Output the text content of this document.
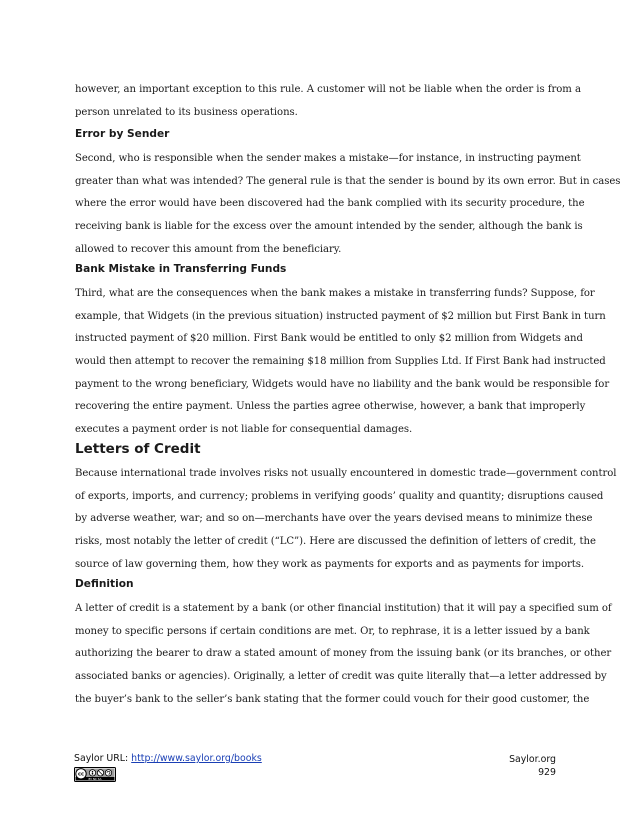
however, an important exception to this rule. A customer will not be liable when the order is from a
person unrelated to its business operations.
Error by Sender
Second, who is responsible when the sender makes a mistake—for instance, in instructing payment
greater than what was intended? The general rule is that the sender is bound by its own error. But in cases
where the error would have been discovered had the bank complied with its security procedure, the
receiving bank is liable for the excess over the amount intended by the sender, although the bank is
allowed to recover this amount from the beneficiary.
Bank Mistake in Transferring Funds
Third, what are the consequences when the bank makes a mistake in transferring funds? Suppose, for
example, that Widgets (in the previous situation) instructed payment of $2 million but First Bank in turn
instructed payment of $20 million. First Bank would be entitled to only $2 million from Widgets and
would then attempt to recover the remaining $18 million from Supplies Ltd. If First Bank had instructed
payment to the wrong beneficiary, Widgets would have no liability and the bank would be responsible for
recovering the entire payment. Unless the parties agree otherwise, however, a bank that improperly
executes a payment order is not liable for consequential damages.
Letters of Credit
Because international trade involves risks not usually encountered in domestic trade—government control
of exports, imports, and currency; problems in verifying goods’ quality and quantity; disruptions caused
by adverse weather, war; and so on—merchants have over the years devised means to minimize these
risks, most notably the letter of credit (“LC”). Here are discussed the definition of letters of credit, the
source of law governing them, how they work as payments for exports and as payments for imports.
Definition
A letter of credit is a statement by a bank (or other financial institution) that it will pay a specified sum of
money to specific persons if certain conditions are met. Or, to rephrase, it is a letter issued by a bank
authorizing the bearer to draw a stated amount of money from the issuing bank (or its branches, or other
associated banks or agencies). Originally, a letter of credit was quite literally that—a letter addressed by
the buyer’s bank to the seller’s bank stating that the former could vouch for their good customer, the
Saylor URL: http://www.saylor.org/books	Saylor.org
929
cc
BY NC SA
